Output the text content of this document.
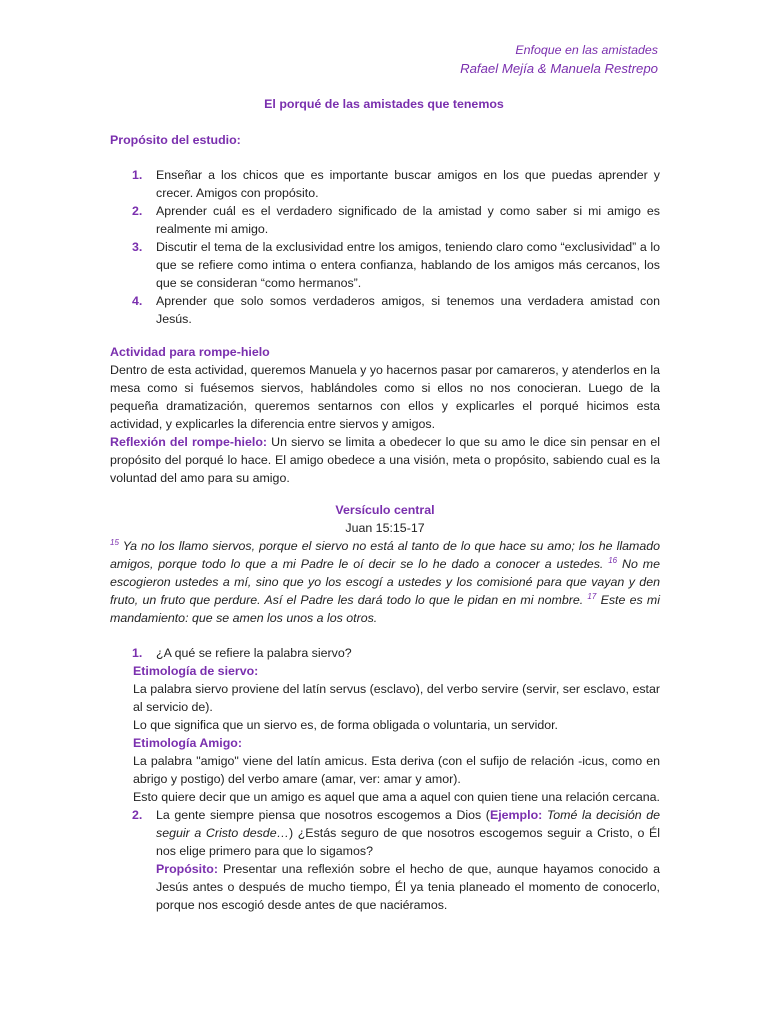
Enfoque en las amistades
Rafael Mejía & Manuela Restrepo
El porqué de las amistades que tenemos
Propósito del estudio:
1. Enseñar a los chicos que es importante buscar amigos en los que puedas aprender y crecer. Amigos con propósito.
2. Aprender cuál es el verdadero significado de la amistad y como saber si mi amigo es realmente mi amigo.
3. Discutir el tema de la exclusividad entre los amigos, teniendo claro como “exclusividad” a lo que se refiere como intima o entera confianza, hablando de los amigos más cercanos, los que se consideran “como hermanos”.
4. Aprender que solo somos verdaderos amigos, si tenemos una verdadera amistad con Jesús.
Actividad para rompe-hielo
Dentro de esta actividad, queremos Manuela y yo hacernos pasar por camareros, y atenderlos en la mesa como si fuésemos siervos, hablándoles como si ellos no nos conocieran. Luego de la pequeña dramatización, queremos sentarnos con ellos y explicarles el porqué hicimos esta actividad, y explicarles la diferencia entre siervos y amigos.
Reflexión del rompe-hielo: Un siervo se limita a obedecer lo que su amo le dice sin pensar en el propósito del porqué lo hace. El amigo obedece a una visión, meta o propósito, sabiendo cual es la voluntad del amo para su amigo.
Versículo central
Juan 15:15-17
$^{15}$ Ya no los llamo siervos, porque el siervo no está al tanto de lo que hace su amo; los he llamado amigos, porque todo lo que a mi Padre le oí decir se lo he dado a conocer a ustedes. $^{16}$ No me escogieron ustedes a mí, sino que yo los escogí a ustedes y los comisioné para que vayan y den fruto, un fruto que perdure. Así el Padre les dará todo lo que le pidan en mi nombre. $^{17}$ Este es mi mandamiento: que se amen los unos a los otros.
1. ¿A qué se refiere la palabra siervo?
Etimología de siervo:
La palabra siervo proviene del latín servus (esclavo), del verbo servire (servir, ser esclavo, estar al servicio de).
Lo que significa que un siervo es, de forma obligada o voluntaria, un servidor.
Etimología Amigo:
La palabra "amigo" viene del latín amicus. Esta deriva (con el sufijo de relación -icus, como en abrigo y postigo) del verbo amare (amar, ver: amar y amor).
Esto quiere decir que un amigo es aquel que ama a aquel con quien tiene una relación cercana.
2. La gente siempre piensa que nosotros escogemos a Dios (Ejemplo: Tomé la decisión de seguir a Cristo desde…) ¿Estás seguro de que nosotros escogemos seguir a Cristo, o Él nos elige primero para que lo sigamos?
Propósito: Presentar una reflexión sobre el hecho de que, aunque hayamos conocido a Jesús antes o después de mucho tiempo, Él ya tenia planeado el momento de conocerlo, porque nos escogió desde antes de que naciéramos.
